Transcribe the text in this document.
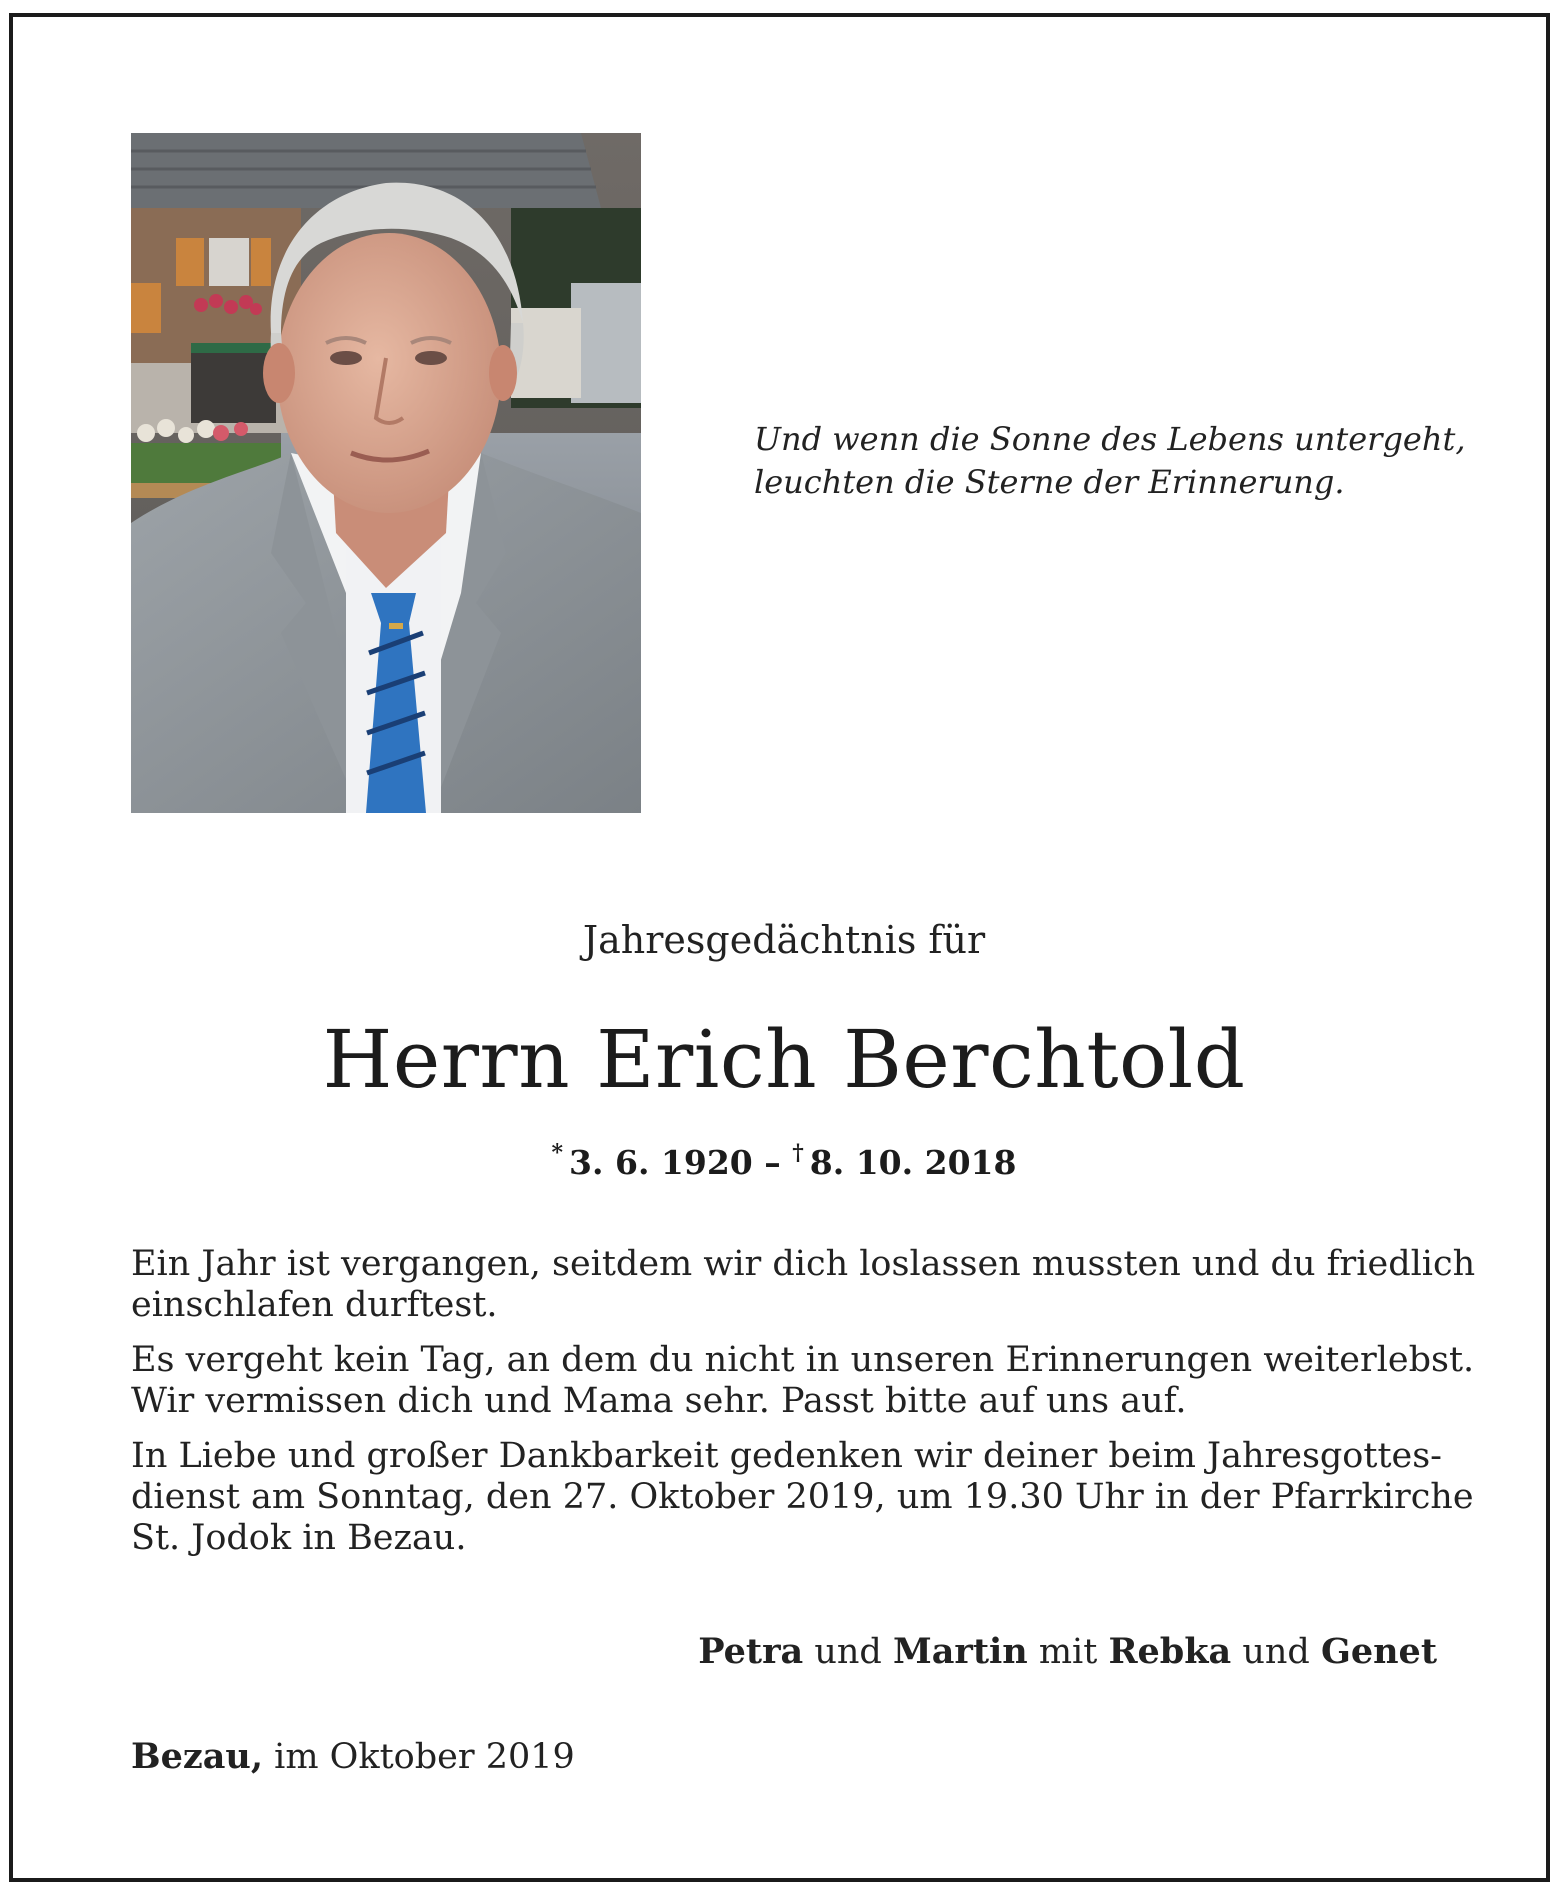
Und wenn die Sonne des Lebens untergeht,
leuchten die Sterne der Erinnerung.
Jahresgedächtnis für
Herrn Erich Berchtold
* 3. 6. 1920 – † 8. 10. 2018

Ein Jahr ist vergangen, seitdem wir dich loslassen mussten und du friedlich
einschlafen durftest.

Es vergeht kein Tag, an dem du nicht in unseren Erinnerungen weiterlebst.
Wir vermissen dich und Mama sehr. Passt bitte auf uns auf.

In Liebe und großer Dankbarkeit gedenken wir deiner beim Jahresgottes-
dienst am Sonntag, den 27. Oktober 2019, um 19.30 Uhr in der Pfarrkirche
St. Jodok in Bezau.

Petra und Martin mit Rebka und Genet
Bezau, im Oktober 2019
